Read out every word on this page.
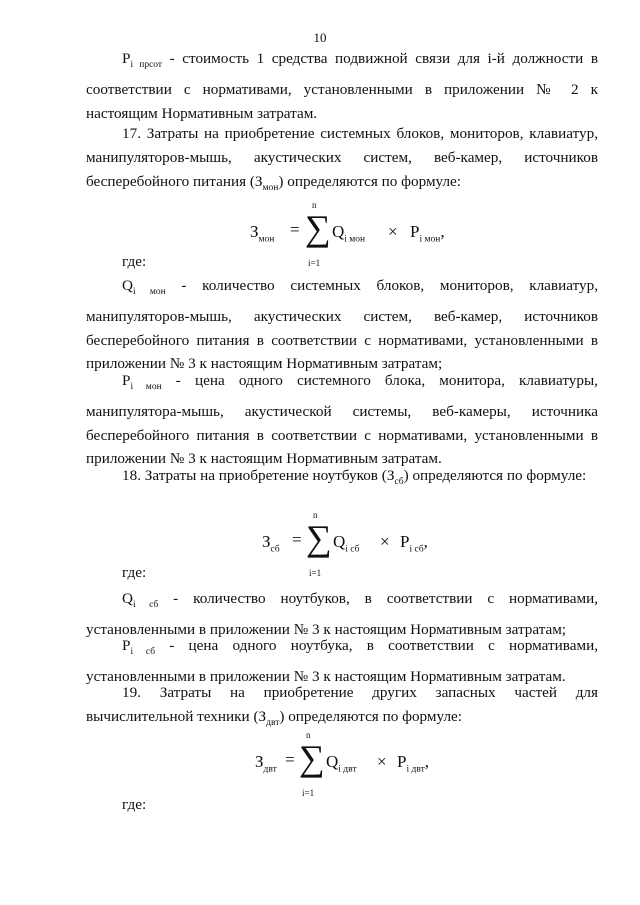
10

$P_{i прсот}$ - стоимость 1 средства подвижной связи для i-й должности в соответствии с нормативами, установленными в приложении № 2 к настоящим Нормативным затратам.

17. Затраты на приобретение системных блоков, мониторов, клавиатур, манипуляторов-мышь, акустических систем, веб-камер, источников бесперебойного питания $(З_{мон})$ определяются по формуле:

$З_{мон}$
=
n
∑
i=1
$Q_{i мон} \times P_{i мон}$,
где:

$Q_{i мон}$ - количество системных блоков, мониторов, клавиатур, манипуляторов-мышь, акустических систем, веб-камер, источников бесперебойного питания в соответствии с нормативами, установленными в приложении № 3 к настоящим Нормативным затратам;

$P_{i мон}$ - цена одного системного блока, монитора, клавиатуры, манипулятора-мышь, акустической системы, веб-камеры, источника бесперебойного питания в соответствии с нормативами, установленными в приложении № 3 к настоящим Нормативным затратам.

18. Затраты на приобретение ноутбуков $(З_{сб})$ определяются по формуле:

$З_{сб}$
=
n
∑
i=1
$Q_{i сб} \times P_{i сб}$,
где:

$Q_{i сб}$ - количество ноутбуков, в соответствии с нормативами, установленными в приложении № 3 к настоящим Нормативным затратам;

$P_{i сб}$ - цена одного ноутбука, в соответствии с нормативами, установленными в приложении № 3 к настоящим Нормативным затратам.

19. Затраты на приобретение других запасных частей для вычислительной техники $(З_{двт})$ определяются по формуле:

$З_{двт}$
=
n
∑
i=1
$Q_{i двт} \times P_{i двт}$,
где:
